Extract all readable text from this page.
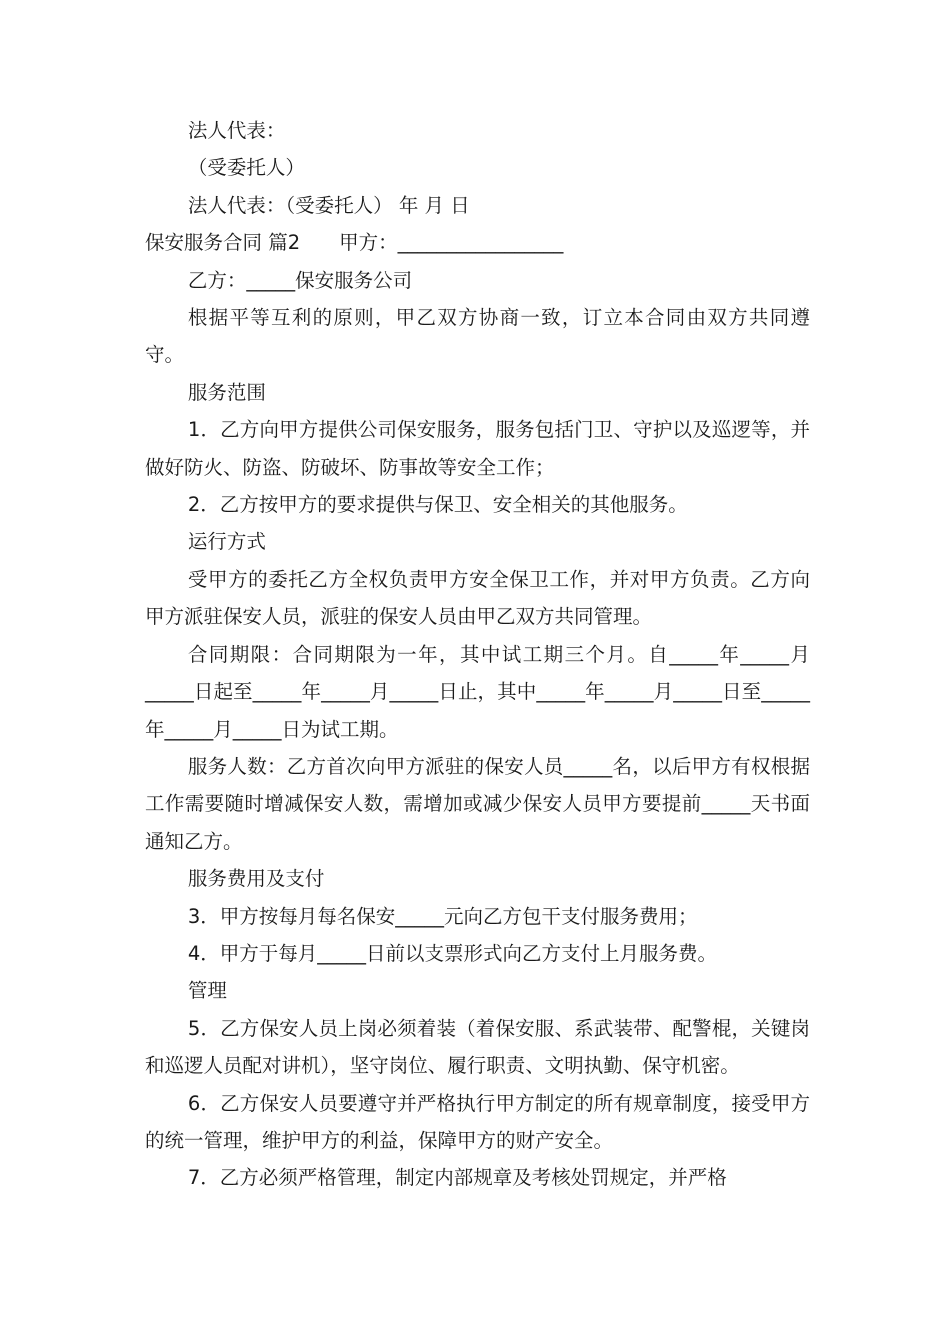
法人代表：

（受委托人）

法人代表：（受委托人） 年 月 日

保安服务合同 篇2　　甲方：_________________

乙方：_____保安服务公司

根据平等互利的原则，甲乙双方协商一致，订立本合同由双方共同遵守。

服务范围

1．乙方向甲方提供公司保安服务，服务包括门卫、守护以及巡逻等，并做好防火、防盗、防破坏、防事故等安全工作；

2．乙方按甲方的要求提供与保卫、安全相关的其他服务。

运行方式

受甲方的委托乙方全权负责甲方安全保卫工作，并对甲方负责。乙方向甲方派驻保安人员，派驻的保安人员由甲乙双方共同管理。

合同期限：合同期限为一年，其中试工期三个月。自_____年_____月_____日起至_____年_____月_____日止，其中_____年_____月_____日至_____年_____月_____日为试工期。

服务人数：乙方首次向甲方派驻的保安人员_____名，以后甲方有权根据工作需要随时增减保安人数，需增加或减少保安人员甲方要提前_____天书面通知乙方。

服务费用及支付

3．甲方按每月每名保安_____元向乙方包干支付服务费用；

4．甲方于每月_____日前以支票形式向乙方支付上月服务费。

管理

5．乙方保安人员上岗必须着装（着保安服、系武装带、配警棍，关键岗和巡逻人员配对讲机），坚守岗位、履行职责、文明执勤、保守机密。

6．乙方保安人员要遵守并严格执行甲方制定的所有规章制度，接受甲方的统一管理，维护甲方的利益，保障甲方的财产安全。

7．乙方必须严格管理，制定内部规章及考核处罚规定，并严格
